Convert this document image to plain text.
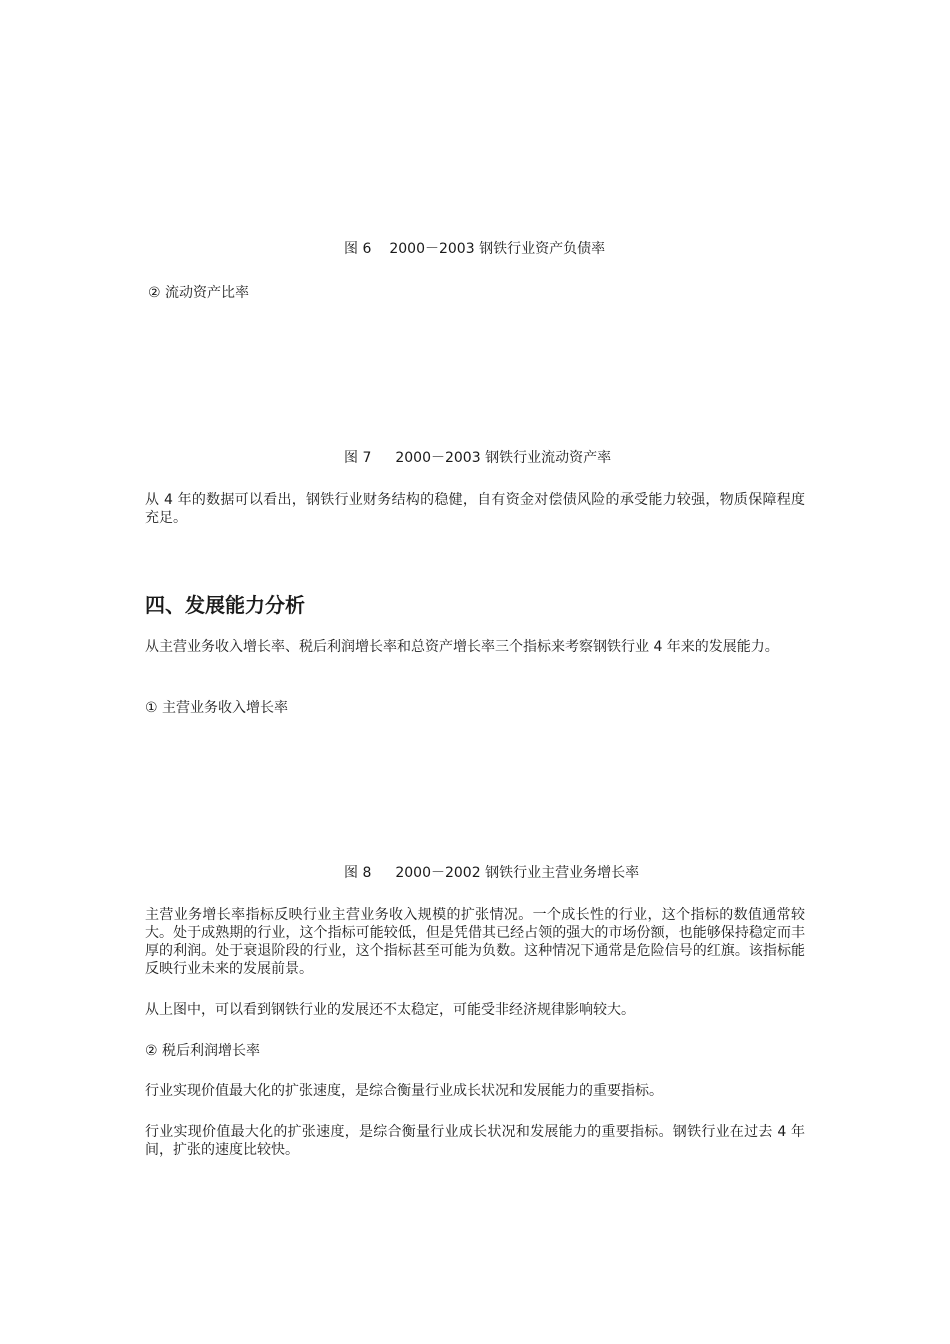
图 6 2000－2003 钢铁行业资产负债率
② 流动资产比率
图 7 2000－2003 钢铁行业流动资产率

从 4 年的数据可以看出，钢铁行业财务结构的稳健，自有资金对偿债风险的承受能力较强，物质保障程度充足。

四、发展能力分析

从主营业务收入增长率、税后利润增长率和总资产增长率三个指标来考察钢铁行业 4 年来的发展能力。

① 主营业务收入增长率
图 8 2000－2002 钢铁行业主营业务增长率

主营业务增长率指标反映行业主营业务收入规模的扩张情况。一个成长性的行业，这个指标的数值通常较大。处于成熟期的行业，这个指标可能较低，但是凭借其已经占领的强大的市场份额，也能够保持稳定而丰厚的利润。处于衰退阶段的行业，这个指标甚至可能为负数。这种情况下通常是危险信号的红旗。该指标能反映行业未来的发展前景。

从上图中，可以看到钢铁行业的发展还不太稳定，可能受非经济规律影响较大。

② 税后利润增长率

行业实现价值最大化的扩张速度，是综合衡量行业成长状况和发展能力的重要指标。

行业实现价值最大化的扩张速度，是综合衡量行业成长状况和发展能力的重要指标。钢铁行业在过去 4 年间，扩张的速度比较快。
